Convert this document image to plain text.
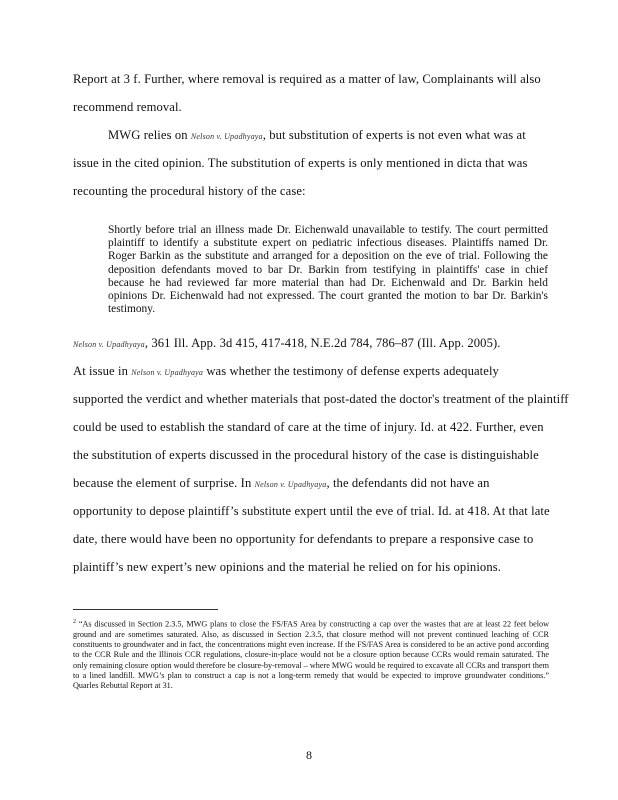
Report at 3 f. Further, where removal is required as a matter of law, Complainants will also
recommend removal.
MWG relies on Nelson v. Upadhyaya, but substitution of experts is not even what was at
issue in the cited opinion. The substitution of experts is only mentioned in dicta that was
recounting the procedural history of the case:

Shortly before trial an illness made Dr. Eichenwald unavailable to testify. The court permitted plaintiff to identify a substitute expert on pediatric infectious diseases. Plaintiffs named Dr. Roger Barkin as the substitute and arranged for a deposition on the eve of trial. Following the deposition defendants moved to bar Dr. Barkin from testifying in plaintiffs' case in chief because he had reviewed far more material than had Dr. Eichenwald and Dr. Barkin held opinions Dr. Eichenwald had not expressed. The court granted the motion to bar Dr. Barkin's testimony.

Nelson v. Upadhyaya, 361 Ill. App. 3d 415, 417-418, N.E.2d 784, 786–87 (Ill. App. 2005).
At issue in Nelson v. Upadhyaya was whether the testimony of defense experts adequately
supported the verdict and whether materials that post-dated the doctor's treatment of the plaintiff
could be used to establish the standard of care at the time of injury. Id. at 422. Further, even
the substitution of experts discussed in the procedural history of the case is distinguishable
because the element of surprise. In Nelson v. Upadhyaya, the defendants did not have an
opportunity to depose plaintiff’s substitute expert until the eve of trial. Id. at 418. At that late
date, there would have been no opportunity for defendants to prepare a responsive case to
plaintiff’s new expert’s new opinions and the material he relied on for his opinions.
$^2$ “As discussed in Section 2.3.5, MWG plans to close the FS/FAS Area by constructing a cap over the wastes that are at least 22 feet below ground and are sometimes saturated. Also, as discussed in Section 2.3.5, that closure method will not prevent continued leaching of CCR constituents to groundwater and in fact, the concentrations might even increase. If the FS/FAS Area is considered to be an active pond according to the CCR Rule and the Illinois CCR regulations, closure-in-place would not be a closure option because CCRs would remain saturated. The only remaining closure option would therefore be closure-by-removal – where MWG would be required to excavate all CCRs and transport them to a lined landfill. MWG’s plan to construct a cap is not a long-term remedy that would be expected to improve groundwater conditions.” Quarles Rebuttal Report at 31.
8
